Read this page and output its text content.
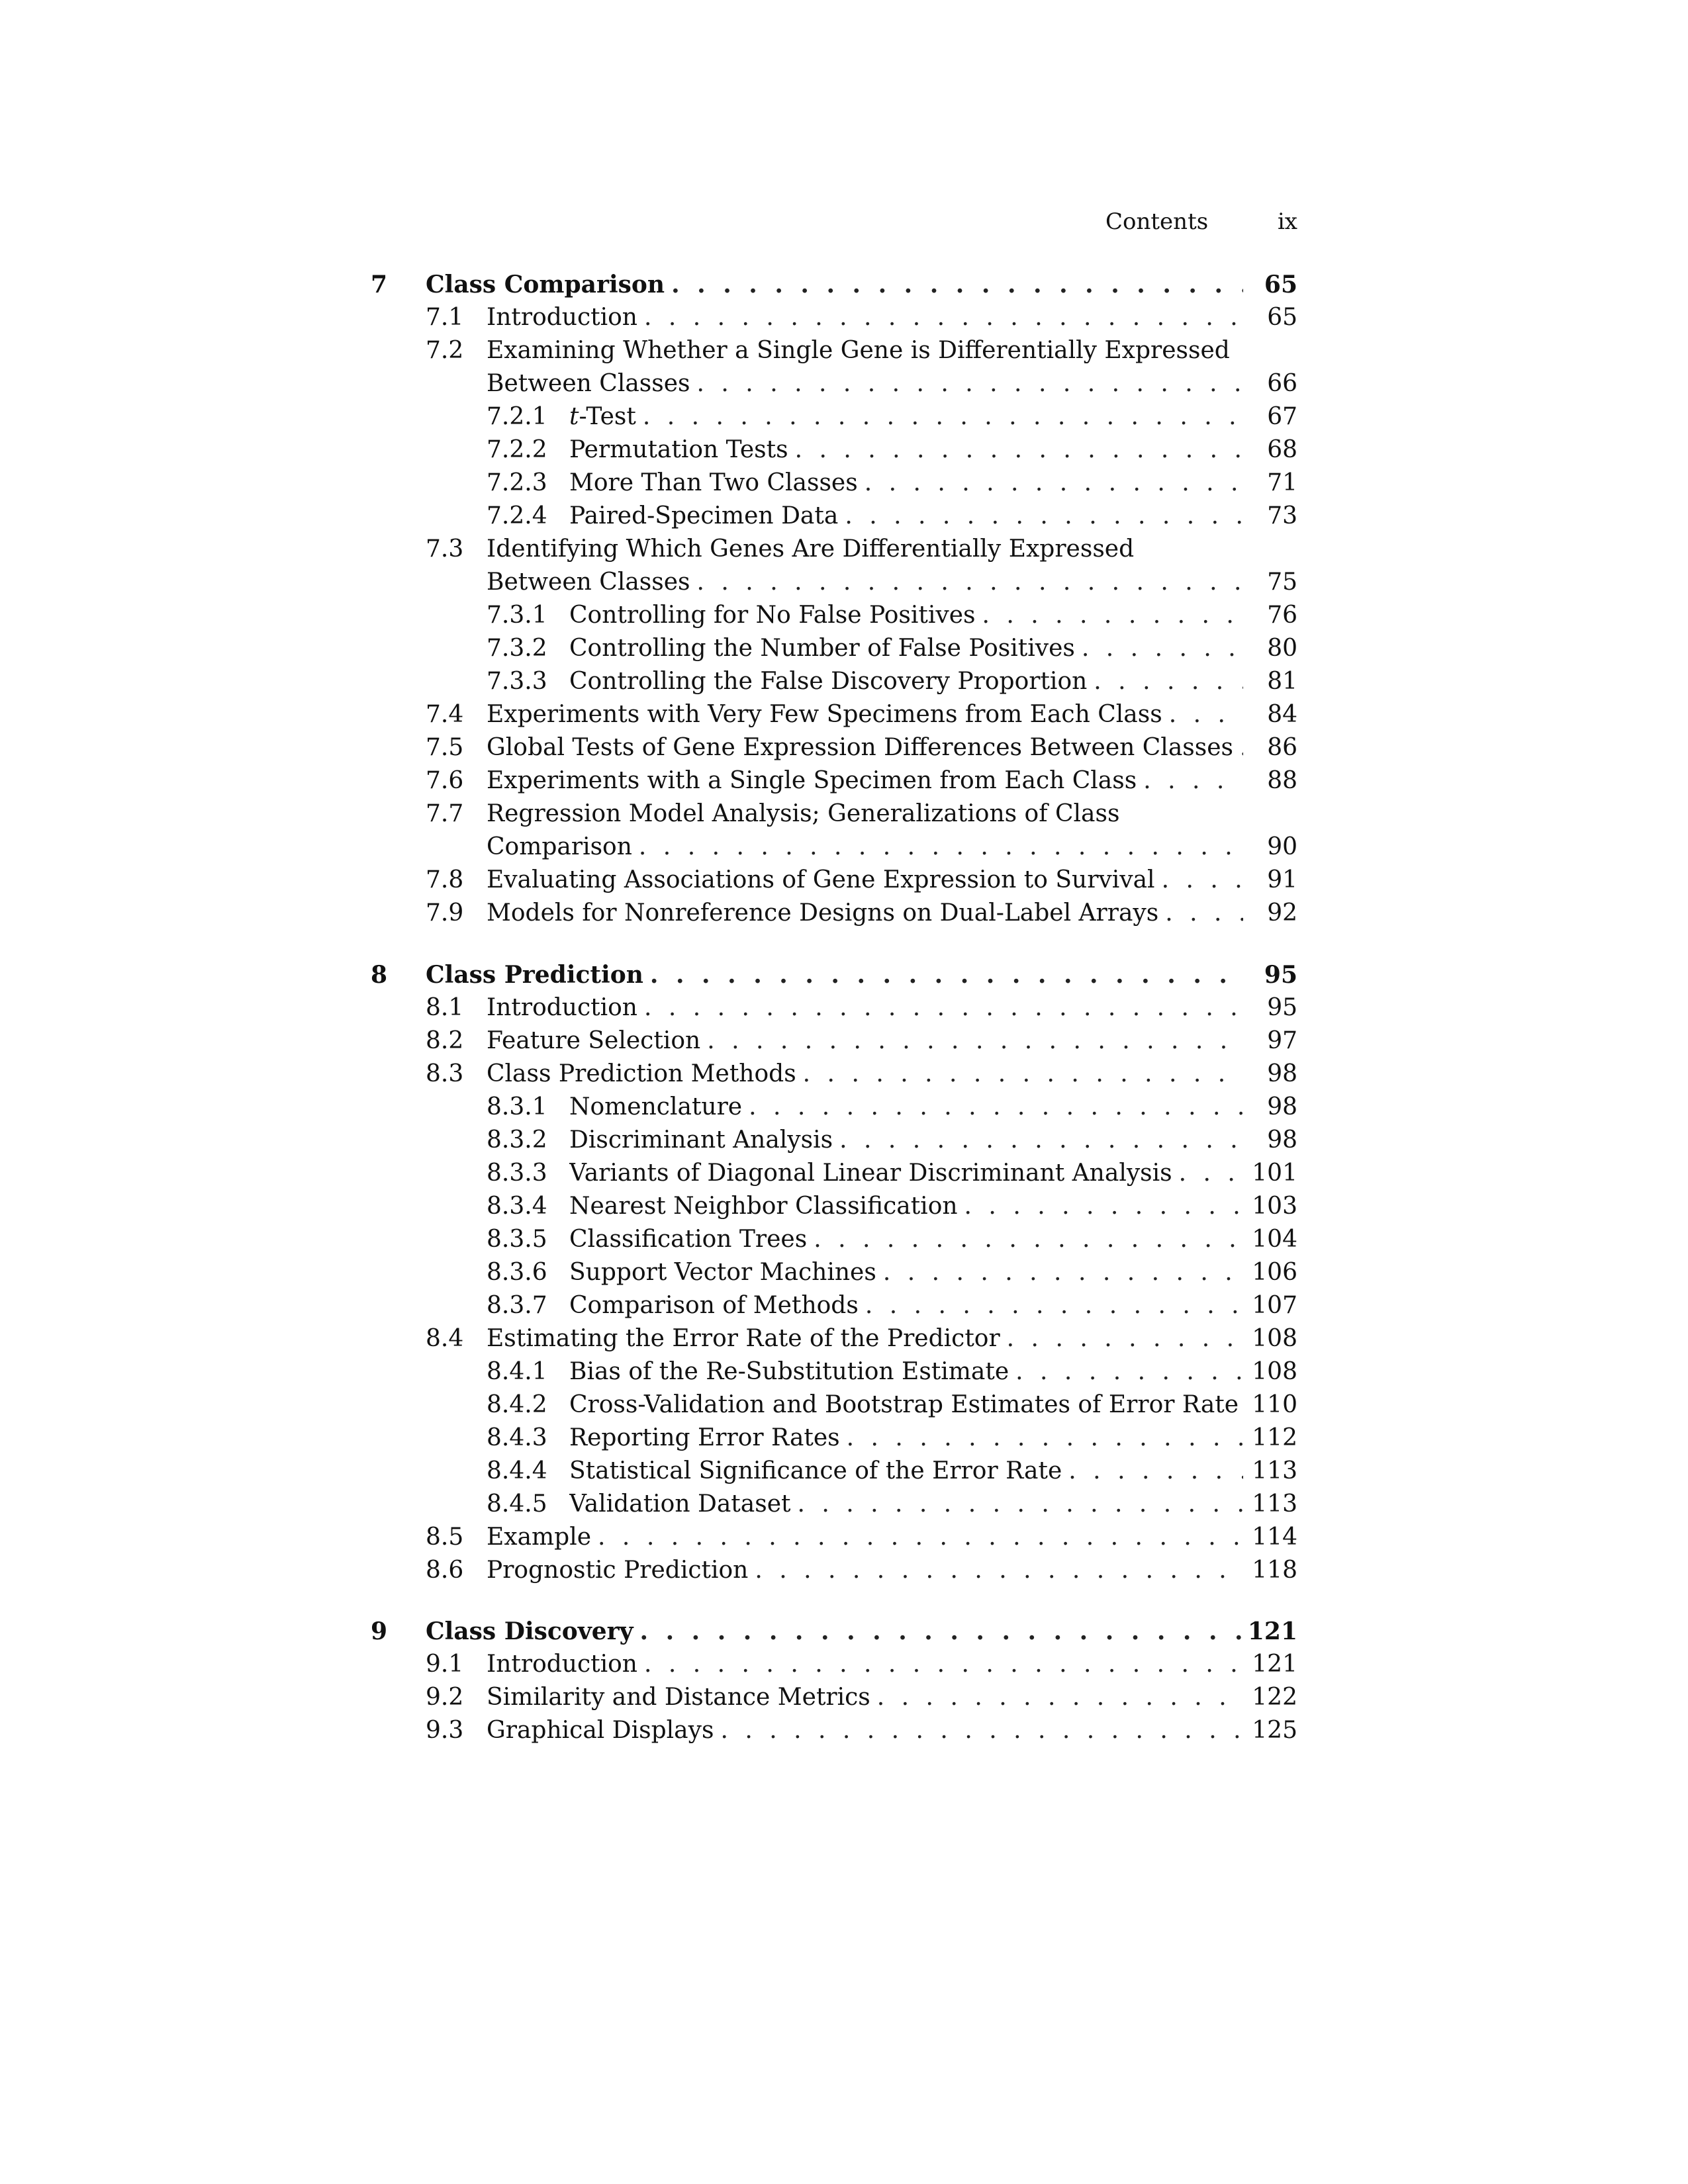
Contents	ix
7 Class Comparison . . .	65
7.1 Introduction . . .	65
7.2 Examining Whether a Single Gene is Differentially Expressed
Between Classes . . .	66
7.2.1 t-Test . . .	67
7.2.2 Permutation Tests . . .	68
7.2.3 More Than Two Classes . . .	71
7.2.4 Paired-Specimen Data . . .	73
7.3 Identifying Which Genes Are Differentially Expressed
Between Classes . . .	75
7.3.1 Controlling for No False Positives . . .	76
7.3.2 Controlling the Number of False Positives . . .	80
7.3.3 Controlling the False Discovery Proportion . . .	81
7.4 Experiments with Very Few Specimens from Each Class . . .	84
7.5 Global Tests of Gene Expression Differences Between Classes . . . 86
7.6 Experiments with a Single Specimen from Each Class . . .	88
7.7 Regression Model Analysis; Generalizations of Class
Comparison . . .	90
7.8 Evaluating Associations of Gene Expression to Survival . . .	91
7.9 Models for Nonreference Designs on Dual-Label Arrays . . .	92
8 Class Prediction . . .	95
8.1 Introduction . . .	95
8.2 Feature Selection . . .	97
8.3 Class Prediction Methods . . .	98
8.3.1 Nomenclature . . .	98
8.3.2 Discriminant Analysis . . .	98
8.3.3 Variants of Diagonal Linear Discriminant Analysis . . .	101
8.3.4 Nearest Neighbor Classification . . .	103
8.3.5 Classification Trees . . .	104
8.3.6 Support Vector Machines . . .	106
8.3.7 Comparison of Methods . . .	107
8.4 Estimating the Error Rate of the Predictor . . .	108
8.4.1 Bias of the Re-Substitution Estimate . . .	108
8.4.2 Cross-Validation and Bootstrap Estimates of Error Rate 110
8.4.3 Reporting Error Rates . . .	112
8.4.4 Statistical Significance of the Error Rate . . .	113
8.4.5 Validation Dataset . . .	113
8.5 Example . . .	114
8.6 Prognostic Prediction . . .	118
9 Class Discovery . . .	121
9.1 Introduction . . .	121
9.2 Similarity and Distance Metrics . . .	122
9.3 Graphical Displays . . .	125
